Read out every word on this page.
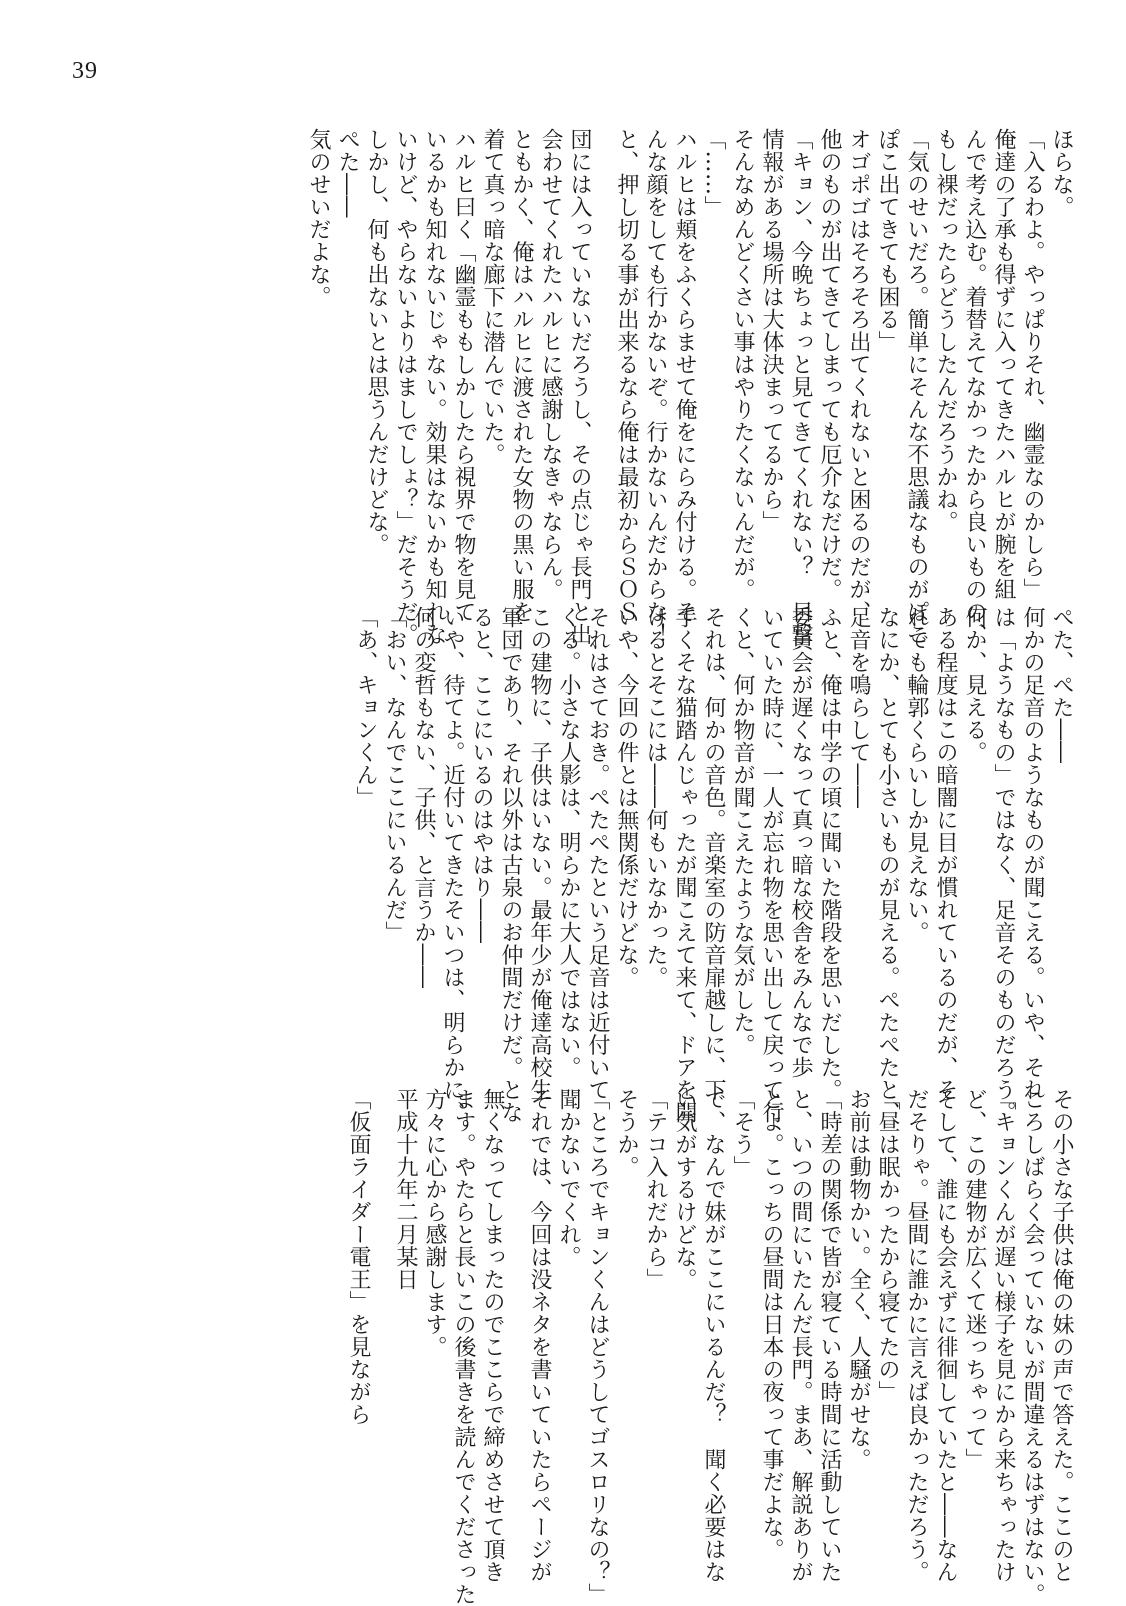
39
ほらな。
「入るわよ。やっぱりそれ、幽霊なのかしら」
俺達の了承も得ずに入ってきたハルヒが腕を組
んで考え込む。着替えてなかったから良いものの、
もし裸だったらどうしたんだろうかね。
「気のせいだろ。簡単にそんな不思議なものがぽこ
ぽこ出てきても困る」
オゴポゴはそろそろ出てくれないと困るのだが、
他のものが出てきてしまっても厄介なだけだ。
「キョン、今晩ちょっと見てきてくれない？　目撃
情報がある場所は大体決まってるから」
そんなめんどくさい事はやりたくないんだが。
「……」
ハルヒは頬をふくらませて俺をにらみ付ける。そ
んな顔をしても行かないぞ。行かないんだからな！
と、押し切る事が出来るなら俺は最初からＳＯＳ
団には入っていないだろうし、その点じゃ長門と出
会わせてくれたハルヒに感謝しなきゃならん。
ともかく、俺はハルヒに渡された女物の黒い服を
着て真っ暗な廊下に潜んでいた。
ハルヒ曰く「幽霊ももしかしたら視界で物を見て
いるかも知れないじゃない。効果はないかも知れな
いけど、やらないよりはましでしょ？」だそうだ。
しかし、何も出ないとは思うんだけどな。
ぺた――
気のせいだよな。
ぺた、ぺた――
何かの足音のようなものが聞こえる。いや、それ
は「ようなもの」ではなく、足音そのものだろう。
何か、見える。
ある程度はこの暗闇に目が慣れているのだが、そ
れでも輪郭くらいしか見えない。
なにか、とても小さいものが見える。ぺたぺたと、
足音を鳴らして――
ふと、俺は中学の頃に聞いた階段を思いだした。
委員会が遅くなって真っ暗な校舎をみんなで歩
いていた時に、一人が忘れ物を思い出して戻って行
くと、何か物音が聞こえたような気がした。
それは、何かの音色。音楽室の防音扉越しに、下
手くそな猫踏んじゃったが聞こえて来て、ドアを開
けるとそこには――何もいなかった。
いや、今回の件とは無関係だけどな。
それはさておき。ぺたぺたという足音は近付いて
くる。小さな人影は、明らかに大人ではない。
この建物に、子供はいない。最年少が俺達高校生
軍団であり、それ以外は古泉のお仲間だけだ。とな
ると、ここにいるのはやはり――
いや、待てよ。近付いてきたそいつは、明らかに、
何の変哲もない、子供、と言うか――
「おい、なんでここにいるんだ」
「あ、キョンくん」
その小さな子供は俺の妹の声で答えた。ここのと
ころしばらく会っていないが間違えるはずはない。
「キョンくんが遅い様子を見にから来ちゃったけ
ど、この建物が広くて迷っちゃって」
そして、誰にも会えずに徘徊していたと――なん
だそりゃ。昼間に誰かに言えば良かっただろう。
「昼は眠かったから寝てたの」
お前は動物かい。全く、人騒がせな。
「時差の関係で皆が寝ている時間に活動していた
と、いつの間にいたんだ長門。まあ、解説ありが
とよ。こっちの昼間は日本の夜って事だよな。
「そう」
で、なんで妹がここにいるんだ？　聞く必要はな
い気がするけどな。
「テコ入れだから」
そうか。
「ところでキョンくんはどうしてゴスロリなの？」
聞かないでくれ。
それでは、今回は没ネタを書いていたらページが
無くなってしまったのでここらで締めさせて頂き
ます。やたらと長いこの後書きを読んでくださった
方々に心から感謝します。
平成十九年二月某日
「仮面ライダー電王」を見ながら
